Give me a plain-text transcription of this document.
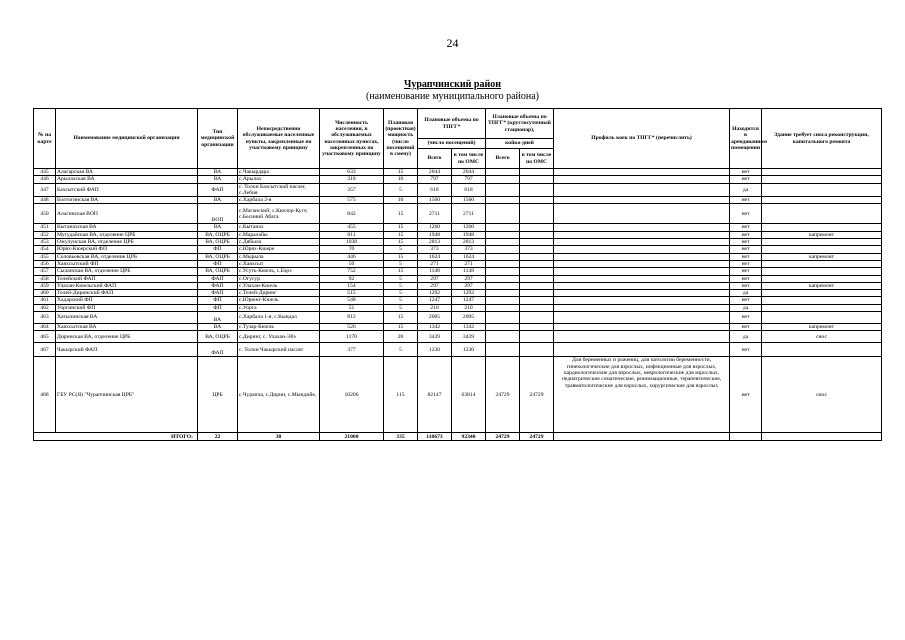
24
Чурапчинский район
(наименование муниципального района)
№ на карте	Наименование медицинской организации	Тип медицинской организации	Непосредственно обслуживаемые населенные пункты, закрепленные по участковому принципу	Численность населения, в обслуживаемых населенных пунктах, закрепленных по участковому принципу	Плановая (проектная) мощность (число посещений в смену)	Плановые объемы по ТПГГ*		Плановые объемы по ТПГГ* (круглосуточный стационар),		Профиль коек по ТПГГ* (перечислить)	Находится в арендованном помещении	Здание требует сноса реконструкции, капитального ремонта
						(число посещений)		койко-дней				
						Всего	в том числе по ОМС	Всего	в том числе по ОМС			
445	Алагарская ВА	ВА	с.Чакырдара	633	15	2044	2044				нет	
446	Арылахская ВА	ВА	с.Арылах	318	10	797	797				нет	
447	Бахсытский ФАП	ФАП	с. Толон Бахсытский наслег, с.Лебия	357	5	618	618				да	
448	Болтогинская ВА	ВА	с.Харбала 2-я	575	10	1560	1560				нет	
450	Алагинская ВОП	ВОП	с.Маганский; с.Кюсюр-Кугэ; с.Бесиний Абага	842	15	2711	2711				нет	
451	Кытанахская ВА	ВА	с.Кытанах	455	15	1260	1260				нет	
452	Мугудайская ВА, отделение ЦРБ	ВА, ОЦРБ	с.Маралайы	811	15	1948	1948				нет	капремонт
453	Ожулунская ВА, отделение ЦРБ	ВА, ОЦРБ	с.Дябыла	1038	15	2813	2813				нет	
454	Юрях-Кюерский ФП	ФП	с.Юрях-Кюере	70	5	373	373				нет	
455	Соловьевская ВА, отделение ЦРБ	ВА, ОЦРБ	с.Мырыла	446	15	1624	1624				нет	капремонт
456	Хаяхсытский ФП	ФП	с.Хаяхсыт	50	5	271	271				нет	
457	Сыланская ВА, отделение ЦРБ	ВА, ОЦРБ	с.Усуть-Кюель, с.Бэрэ	752	15	1148	1148				нет	
458	Телейский ФАП	ФАП	с.Огусур	92	5	297	297				нет	
459	Улахан-Кюельский ФАП	ФАП	с.Улахан-Кюель	154	5	297	297				нет	капремонт
460	Телей-Диринский ФАП	ФАП	с.Телей-Диринг	515	5	1292	1292				да	
461	Хадарский ФП	ФП	с.Юрюнг-Кюель	548	5	1247	1247				нет	
462	Уоргинский ФП	ФП	с.Уорга	51	5	210	210				да	
463	Хатылинская ВА	ВА	с.Харбала 1-я, с.Кындал	812	15	2005	2005				нет	
464	Хаяхсытская ВА	ВА	с.Тузар-Кюель	526	15	1342	1342				нет	капремонт
465	Диринская ВА, отделение ЦРБ	ВА, ОЦРБ	с.Диринг, с. Улахан-Эбэ	1170	20	3439	3439				да	снос
467	Чакырский ФАП	ФАП	с. Толон Чакырский наслег	377	5	1230	1230				нет	
468	ГБУ РС(Я) "Чурапчинская ЦРБ"	ЦРБ	с.Чурапча, с.Дирин, с.Мындийе,	10206	115	82147	63814	24729	24729	Для беременных и рожениц, для патологии беременности, гинекологические для взрослых, инфекционные для взрослых, кардиологические для взрослых, неврологические для взрослых, педиатрические соматические, реанимационные, терапевтические, травматологические для взрослых, хирургические для взрослых	нет	снос
ИТОГО:		22	30	21000	335	110673	92340	24729	24729			
